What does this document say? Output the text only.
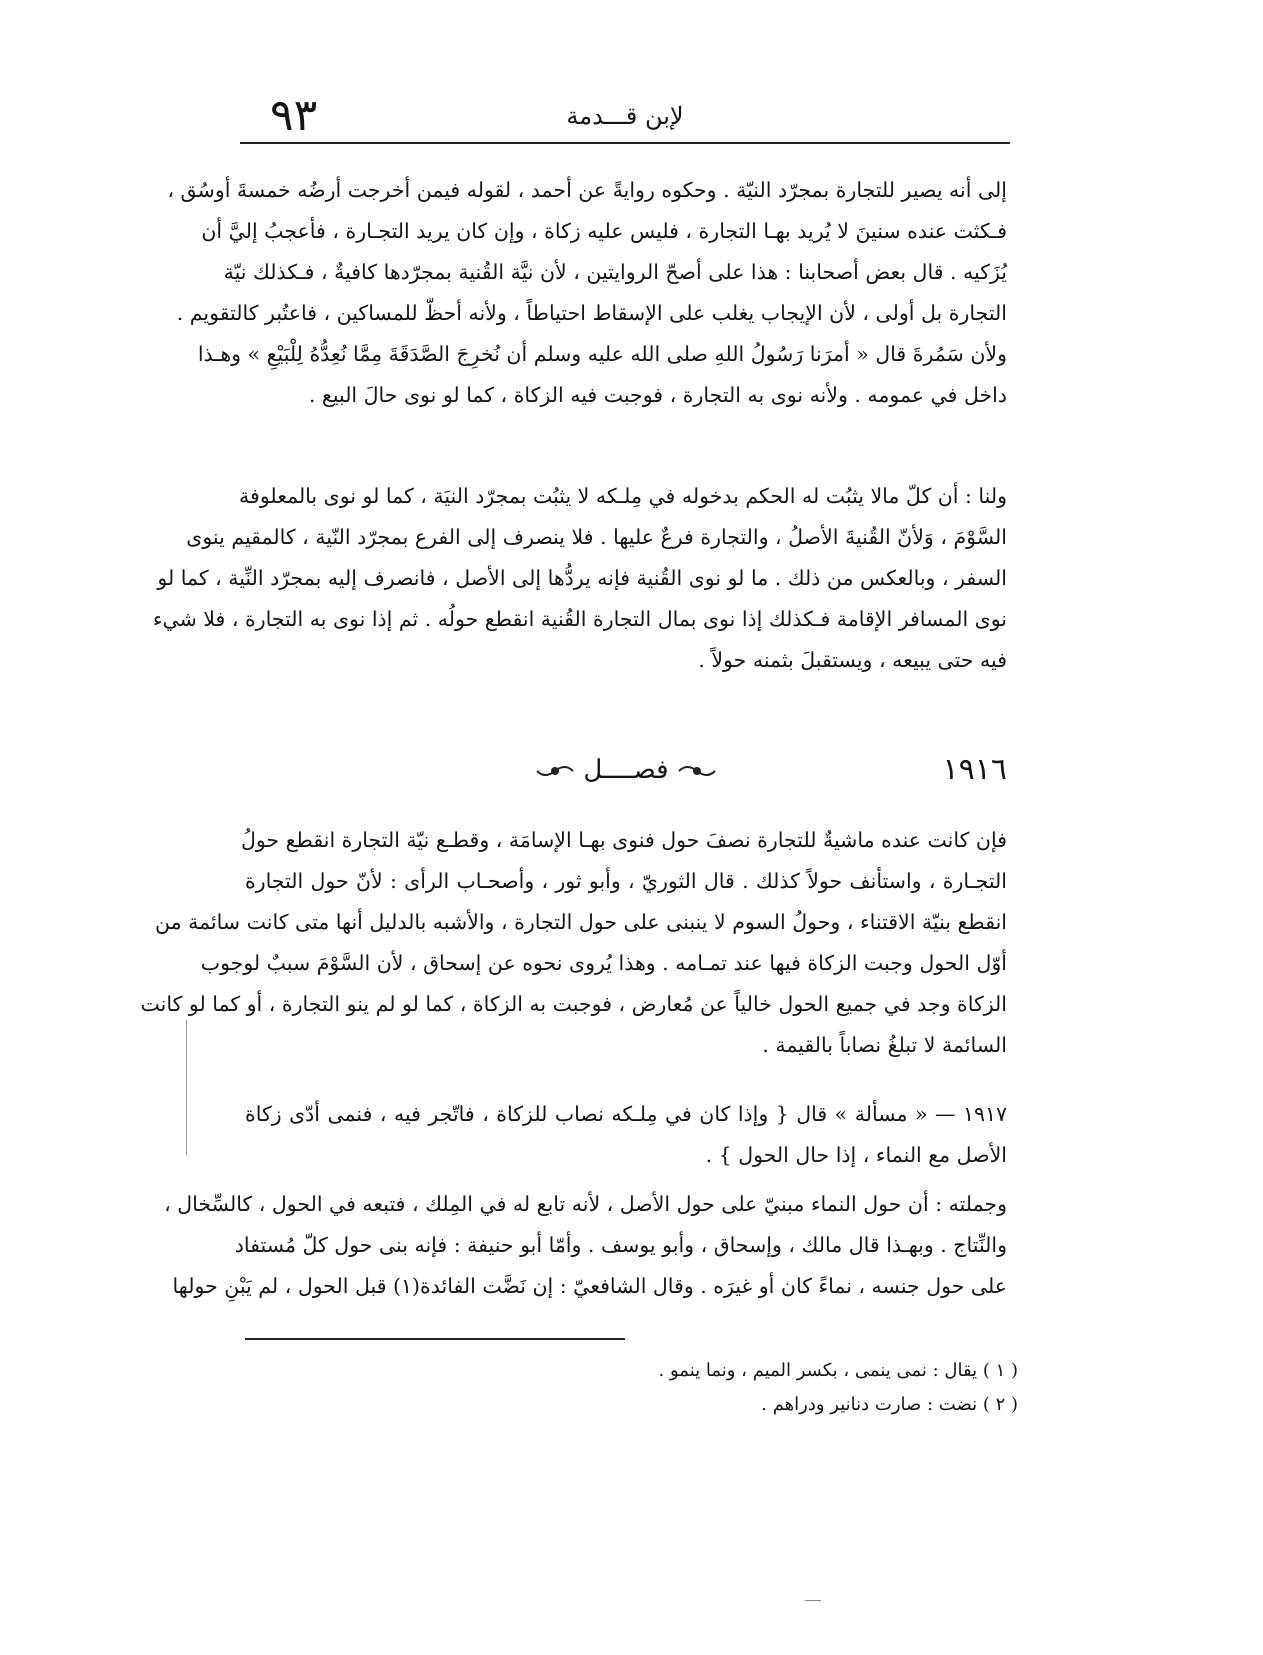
٩٣	لإبن قـــدمة

إلى أنه يصير للتجارة بمجرّد النيّة . وحكوه روايةً عن أحمد ، لقوله فيمن أخرجت أرضُه خمسةَ أوسُق ،
فـكثت عنده سنينَ لا يُريد بهـا التجارة ، فليس عليه زكاة ، وإن كان يريد التجـارة ، فأعجبُ إليَّ أن
يُزَكيه . قال بعض أصحابنا : هذا على أصحّ الروايتين ، لأن نيَّة القُنية بمجرّدها كافيةٌ ، فـكذلك نيّة
التجارة بل أولى ، لأن الإيجاب يغلب على الإسقاط احتياطاً ، ولأنه أحظّ للمساكين ، فاعتُبر كالتقويم .
ولأن سَمُرةَ قال « أمرَنا رَسُولُ اللهِ صلى الله عليه وسلم أن نُخرِجَ الصَّدَقَةَ مِمَّا نُعِدُّهُ لِلْبَيْعِ » وهـذا
داخل في عمومه . ولأنه نوى به التجارة ، فوجبت فيه الزكاة ، كما لو نوى حالَ البيع .

ولنا : أن كلّ مالا يثبُت له الحكم بدخوله في مِلـكه لا يثبُت بمجرّد النيَة ، كما لو نوى بالمعلوفة
السَّوْمَ ، وَلأنّ القُنيةَ الأصلُ ، والتجارة فرعٌ عليها . فلا ينصرف إلى الفرع بمجرّد النّية ، كالمقيم ينوى
السفر ، وبالعكس من ذلك . ما لو نوى القُنية فإنه يردُّها إلى الأصل ، فانصرف إليه بمجرّد النِّية ، كما لو
نوى المسافر الإقامة فـكذلك إذا نوى بمال التجارة القُنية انقطع حولُه . ثم إذا نوى به التجارة ، فلا شيء
فيه حتى يبيعه ، ويستقبلَ بثمنه حولاً .

١٩١٦
فصــــل

فإن كانت عنده ماشيةٌ للتجارة نصفَ حول فنوى بهـا الإسامَة ، وقطـع نيّة التجارة انقطع حولُ
التجـارة ، واستأنف حولاً كذلك . قال الثوريّ ، وأبو ثور ، وأصحـاب الرأى : لأنّ حول التجارة
انقطع بنيّة الاقتناء ، وحولُ السوم لا ينبنى على حول التجارة ، والأشبه بالدليل أنها متى كانت سائمة من
أوّل الحول وجبت الزكاة فيها عند تمـامه . وهذا يُروى نحوه عن إسحاق ، لأن السَّوْمَ سببٌ لوجوب
الزكاة وجد في جميع الحول خالياً عن مُعارض ، فوجبت به الزكاة ، كما لو لم ينو التجارة ، أو كما لو كانت
السائمة لا تبلغُ نصاباً بالقيمة .

١٩١٧ — « مسألة » قال { وإذا كان في مِلـكه نصاب للزكاة ، فاتّجر فيه ، فنمى أدّى زكاة
الأصل مع النماء ، إذا حال الحول } .

وجملته : أن حول النماء مبنيّ على حول الأصل ، لأنه تابع له في المِلك ، فتبعه في الحول ، كالسِّخال ،
والنِّتاج . وبهـذا قال مالك ، وإسحاق ، وأبو يوسف . وأمّا أبو حنيفة : فإنه بنى حول كلّ مُستفاد
على حول جنسه ، نماءً كان أو غيرَه . وقال الشافعيّ : إن نَضَّت الفائدة(١) قبل الحول ، لم يَبْنِ حولها

( ١ ) يقال : نمى ينمى ، بكسر الميم ، ونما ينمو .
( ٢ ) نضت : صارت دنانير ودراهم .
